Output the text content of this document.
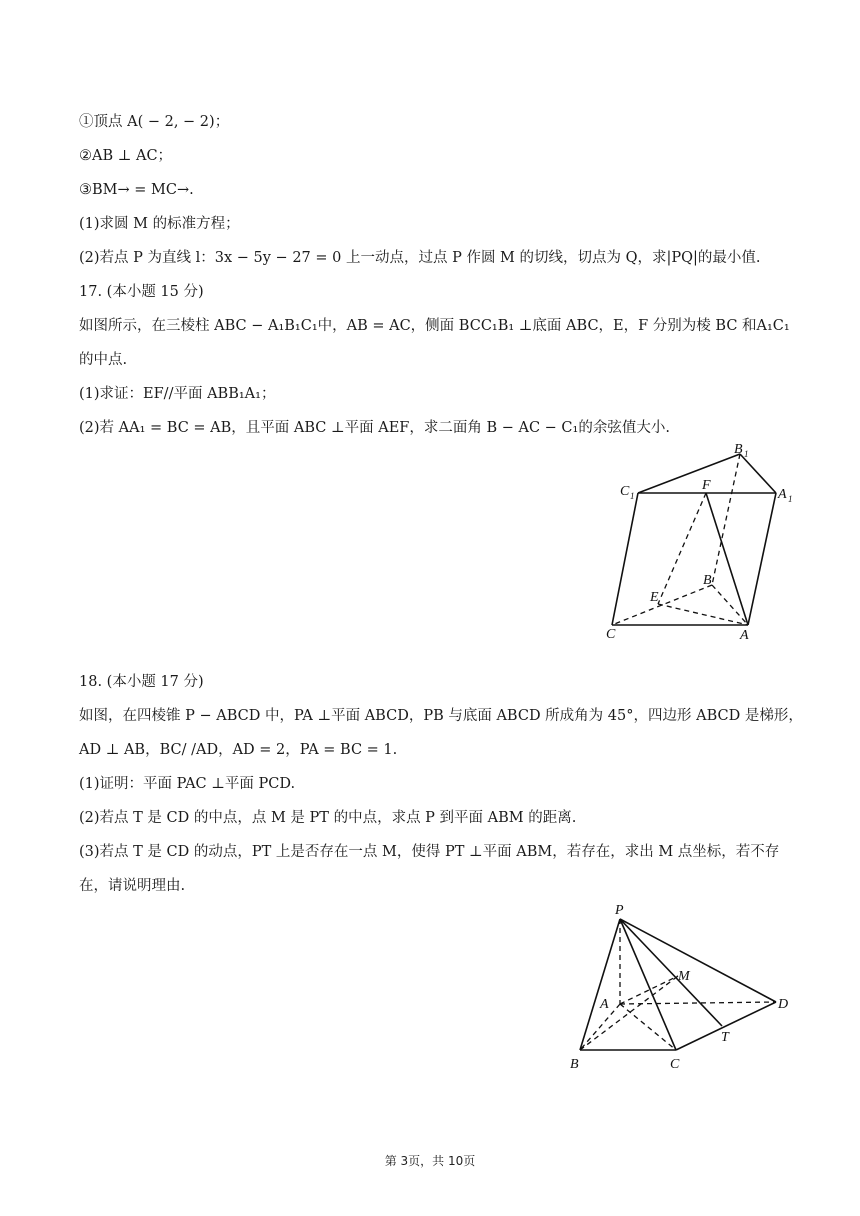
①顶点 A( − 2, − 2)；
②AB ⊥ AC；
③BM→ = MC→.
(1)求圆 M 的标准方程；
(2)若点 P 为直线 l：3x − 5y − 27 = 0 上一动点，过点 P 作圆 M 的切线，切点为 Q，求|PQ|的最小值.
17. (本小题 15 分)
如图所示，在三棱柱 ABC − A₁B₁C₁中，AB = AC，侧面 BCC₁B₁ ⊥底面 ABC，E，F 分别为棱 BC 和A₁C₁
的中点.
(1)求证：EF//平面 ABB₁A₁；
(2)若 AA₁ = BC = AB，且平面 ABC ⊥平面 AEF，求二面角 B − AC − C₁的余弦值大小.
B 1
A 1
C 1
F
E
B
C	A
18. (本小题 17 分)
如图，在四棱锥 P − ABCD 中，PA ⊥平面 ABCD，PB 与底面 ABCD 所成角为 45°，四边形 ABCD 是梯形，
AD ⊥ AB，BC/ /AD，AD = 2，PA = BC = 1.
(1)证明：平面 PAC ⊥平面 PCD.
(2)若点 T 是 CD 的中点，点 M 是 PT 的中点，求点 P 到平面 ABM 的距离.
(3)若点 T 是 CD 的动点，PT 上是否存在一点 M，使得 PT ⊥平面 ABM，若存在，求出 M 点坐标，若不存
在，请说明理由.
P
M
A	D
T
B	C
第 3页，共 10页
